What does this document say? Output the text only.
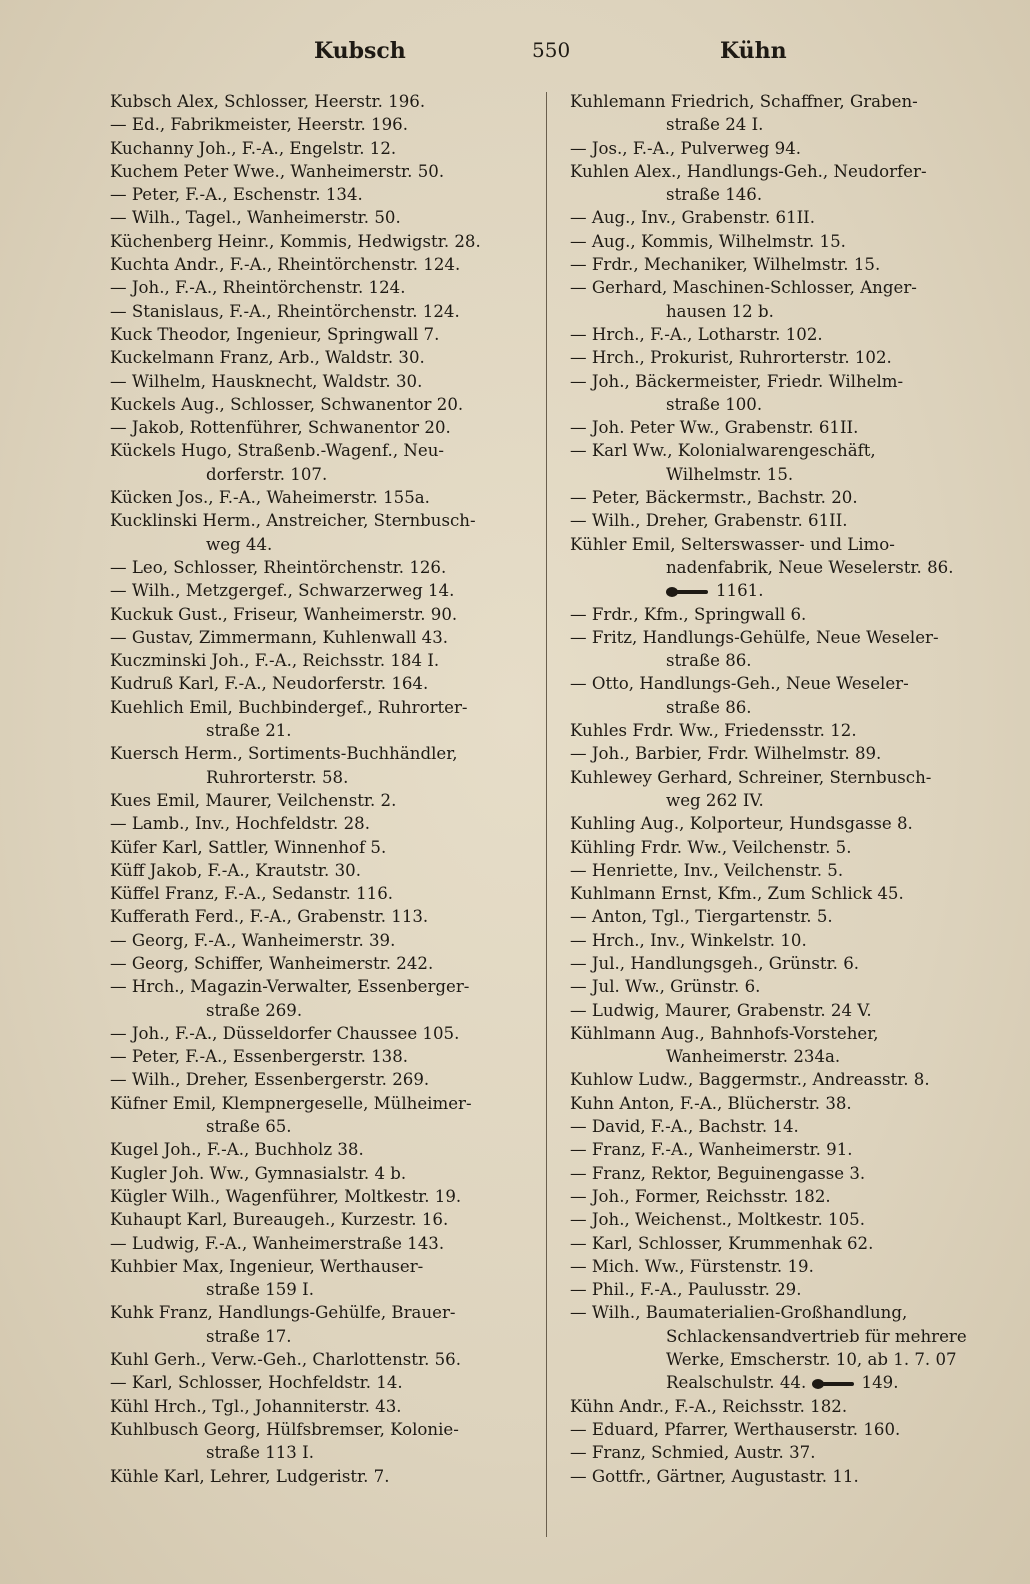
Kubsch	550	Kühn
Kubsch Alex, Schlosser, Heerstr. 196.
— Ed., Fabrikmeister, Heerstr. 196.
Kuchanny Joh., F.-A., Engelstr. 12.
Kuchem Peter Wwe., Wanheimerstr. 50.
— Peter, F.-A., Eschenstr. 134.
— Wilh., Tagel., Wanheimerstr. 50.
Küchenberg Heinr., Kommis, Hedwigstr. 28.
Kuchta Andr., F.-A., Rheintörchenstr. 124.
— Joh., F.-A., Rheintörchenstr. 124.
— Stanislaus, F.-A., Rheintörchenstr. 124.
Kuck Theodor, Ingenieur, Springwall 7.
Kuckelmann Franz, Arb., Waldstr. 30.
— Wilhelm, Hausknecht, Waldstr. 30.
Kuckels Aug., Schlosser, Schwanentor 20.
— Jakob, Rottenführer, Schwanentor 20.
Kückels Hugo, Straßenb.-Wagenf., Neu-
dorferstr. 107.
Kücken Jos., F.-A., Waheimerstr. 155a.
Kucklinski Herm., Anstreicher, Sternbusch-
weg 44.
— Leo, Schlosser, Rheintörchenstr. 126.
— Wilh., Metzgergef., Schwarzerweg 14.
Kuckuk Gust., Friseur, Wanheimerstr. 90.
— Gustav, Zimmermann, Kuhlenwall 43.
Kuczminski Joh., F.-A., Reichsstr. 184 I.
Kudruß Karl, F.-A., Neudorferstr. 164.
Kuehlich Emil, Buchbindergef., Ruhrorter-
straße 21.
Kuersch Herm., Sortiments-Buchhändler,
Ruhrorterstr. 58.
Kues Emil, Maurer, Veilchenstr. 2.
— Lamb., Inv., Hochfeldstr. 28.
Küfer Karl, Sattler, Winnenhof 5.
Küff Jakob, F.-A., Krautstr. 30.
Küffel Franz, F.-A., Sedanstr. 116.
Kufferath Ferd., F.-A., Grabenstr. 113.
— Georg, F.-A., Wanheimerstr. 39.
— Georg, Schiffer, Wanheimerstr. 242.
— Hrch., Magazin-Verwalter, Essenberger-
straße 269.
— Joh., F.-A., Düsseldorfer Chaussee 105.
— Peter, F.-A., Essenbergerstr. 138.
— Wilh., Dreher, Essenbergerstr. 269.
Küfner Emil, Klempnergeselle, Mülheimer-
straße 65.
Kugel Joh., F.-A., Buchholz 38.
Kugler Joh. Ww., Gymnasialstr. 4 b.
Kügler Wilh., Wagenführer, Moltkestr. 19.
Kuhaupt Karl, Bureaugeh., Kurzestr. 16.
— Ludwig, F.-A., Wanheimerstraße 143.
Kuhbier Max, Ingenieur, Werthauser-
straße 159 I.
Kuhk Franz, Handlungs-Gehülfe, Brauer-
straße 17.
Kuhl Gerh., Verw.-Geh., Charlottenstr. 56.
— Karl, Schlosser, Hochfeldstr. 14.
Kühl Hrch., Tgl., Johanniterstr. 43.
Kuhlbusch Georg, Hülfsbremser, Kolonie-
straße 113 I.
Kühle Karl, Lehrer, Ludgeristr. 7.
Kuhlemann Friedrich, Schaffner, Graben-
straße 24 I.
— Jos., F.-A., Pulverweg 94.
Kuhlen Alex., Handlungs-Geh., Neudorfer-
straße 146.
— Aug., Inv., Grabenstr. 61II.
— Aug., Kommis, Wilhelmstr. 15.
— Frdr., Mechaniker, Wilhelmstr. 15.
— Gerhard, Maschinen-Schlosser, Anger-
hausen 12 b.
— Hrch., F.-A., Lotharstr. 102.
— Hrch., Prokurist, Ruhrorterstr. 102.
— Joh., Bäckermeister, Friedr. Wilhelm-
straße 100.
— Joh. Peter Ww., Grabenstr. 61II.
— Karl Ww., Kolonialwarengeschäft,
Wilhelmstr. 15.
— Peter, Bäckermstr., Bachstr. 20.
— Wilh., Dreher, Grabenstr. 61II.
Kühler Emil, Selterswasser- und Limo-
nadenfabrik, Neue Weselerstr. 86.
1161.
— Frdr., Kfm., Springwall 6.
— Fritz, Handlungs-Gehülfe, Neue Weseler-
straße 86.
— Otto, Handlungs-Geh., Neue Weseler-
straße 86.
Kuhles Frdr. Ww., Friedensstr. 12.
— Joh., Barbier, Frdr. Wilhelmstr. 89.
Kuhlewey Gerhard, Schreiner, Sternbusch-
weg 262 IV.
Kuhling Aug., Kolporteur, Hundsgasse 8.
Kühling Frdr. Ww., Veilchenstr. 5.
— Henriette, Inv., Veilchenstr. 5.
Kuhlmann Ernst, Kfm., Zum Schlick 45.
— Anton, Tgl., Tiergartenstr. 5.
— Hrch., Inv., Winkelstr. 10.
— Jul., Handlungsgeh., Grünstr. 6.
— Jul. Ww., Grünstr. 6.
— Ludwig, Maurer, Grabenstr. 24 V.
Kühlmann Aug., Bahnhofs-Vorsteher,
Wanheimerstr. 234a.
Kuhlow Ludw., Baggermstr., Andreasstr. 8.
Kuhn Anton, F.-A., Blücherstr. 38.
— David, F.-A., Bachstr. 14.
— Franz, F.-A., Wanheimerstr. 91.
— Franz, Rektor, Beguinengasse 3.
— Joh., Former, Reichsstr. 182.
— Joh., Weichenst., Moltkestr. 105.
— Karl, Schlosser, Krummenhak 62.
— Mich. Ww., Fürstenstr. 19.
— Phil., F.-A., Paulusstr. 29.
— Wilh., Baumaterialien-Großhandlung,
Schlackensandvertrieb für mehrere
Werke, Emscherstr. 10, ab 1. 7. 07
Realschulstr. 44.	149.
Kühn Andr., F.-A., Reichsstr. 182.
— Eduard, Pfarrer, Werthauserstr. 160.
— Franz, Schmied, Austr. 37.
— Gottfr., Gärtner, Augustastr. 11.
